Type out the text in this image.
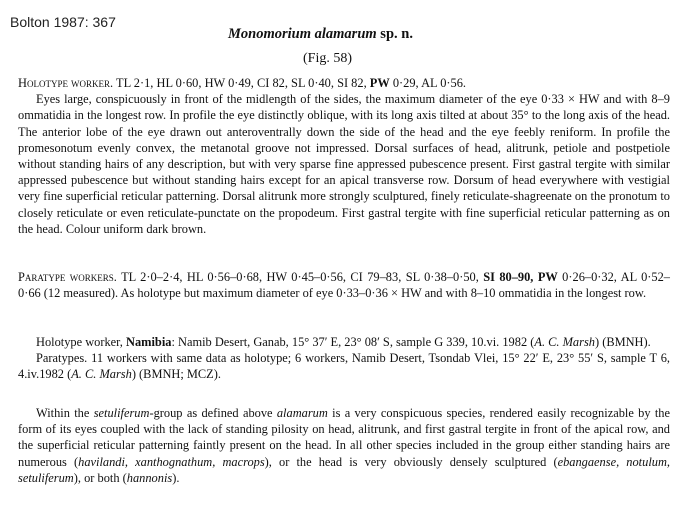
Bolton 1987: 367
Monomorium alamarum sp. n.
(Fig. 58)

Holotype worker. TL 2·1, HL 0·60, HW 0·49, CI 82, SL 0·40, SI 82, PW 0·29, AL 0·56.

Eyes large, conspicuously in front of the midlength of the sides, the maximum diameter of the eye 0·33 × HW and with 8–9 ommatidia in the longest row. In profile the eye distinctly oblique, with its long axis tilted at about 35° to the long axis of the head. The anterior lobe of the eye drawn out anteroventrally down the side of the head and the eye feebly reniform. In profile the promesonotum evenly convex, the metanotal groove not impressed. Dorsal surfaces of head, alitrunk, petiole and postpetiole without standing hairs of any description, but with very sparse fine appressed pubescence present. First gastral tergite with similar appressed pubescence but without standing hairs except for an apical transverse row. Dorsum of head everywhere with vestigial very fine superficial reticular patterning. Dorsal alitrunk more strongly sculptured, finely reticulate-shagreenate on the pronotum to closely reticulate or even reticulate-punctate on the propodeum. First gastral tergite with fine superficial reticular patterning as on the head. Colour uniform dark brown.

Paratype workers. TL 2·0–2·4, HL 0·56–0·68, HW 0·45–0·56, CI 79–83, SL 0·38–0·50, SI 80–90, PW 0·26–0·32, AL 0·52–0·66 (12 measured). As holotype but maximum diameter of eye 0·33–0·36 × HW and with 8–10 ommatidia in the longest row.

Holotype worker, Namibia: Namib Desert, Ganab, 15° 37′ E, 23° 08′ S, sample G 339, 10.vi. 1982 (A. C. Marsh) (BMNH).

Paratypes. 11 workers with same data as holotype; 6 workers, Namib Desert, Tsondab Vlei, 15° 22′ E, 23° 55′ S, sample T 6, 4.iv.1982 (A. C. Marsh) (BMNH; MCZ).

Within the setuliferum-group as defined above alamarum is a very conspicuous species, rendered easily recognizable by the form of its eyes coupled with the lack of standing pilosity on head, alitrunk, and first gastral tergite in front of the apical row, and the superficial reticular patterning faintly present on the head. In all other species included in the group either standing hairs are numerous (havilandi, xanthognathum, macrops), or the head is very obviously densely sculptured (ebangaense, notulum, setuliferum), or both (hannonis).
